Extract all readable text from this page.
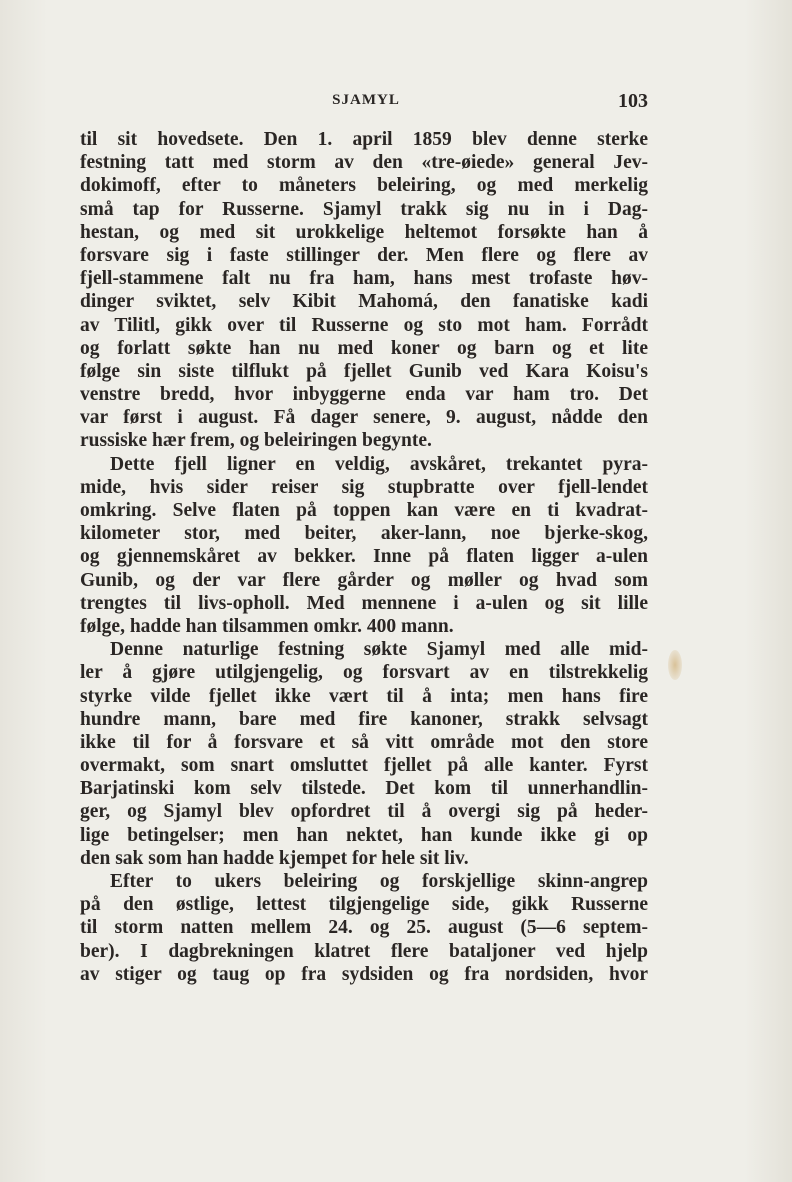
SJAMYL	103
til sit hovedsete. Den 1. april 1859 blev denne sterke
festning tatt med storm av den «tre-øiede» general Jev-
dokimoff, efter to måneters beleiring, og med merkelig
små tap for Russerne. Sjamyl trakk sig nu in i Dag-
hestan, og med sit urokkelige heltemot forsøkte han å
forsvare sig i faste stillinger der. Men flere og flere av
fjell-stammene falt nu fra ham, hans mest trofaste høv-
dinger sviktet, selv Kibit Mahomá, den fanatiske kadi
av Tilitl, gikk over til Russerne og sto mot ham. Forrådt
og forlatt søkte han nu med koner og barn og et lite
følge sin siste tilflukt på fjellet Gunib ved Kara Koisu's
venstre bredd, hvor inbyggerne enda var ham tro. Det
var først i august. Få dager senere, 9. august, nådde den
russiske hær frem, og beleiringen begynte.
Dette fjell ligner en veldig, avskåret, trekantet pyra-
mide, hvis sider reiser sig stupbratte over fjell-lendet
omkring. Selve flaten på toppen kan være en ti kvadrat-
kilometer stor, med beiter, aker-lann, noe bjerke-skog,
og gjennemskåret av bekker. Inne på flaten ligger a-ulen
Gunib, og der var flere gårder og møller og hvad som
trengtes til livs-opholl. Med mennene i a-ulen og sit lille
følge, hadde han tilsammen omkr. 400 mann.
Denne naturlige festning søkte Sjamyl med alle mid-
ler å gjøre utilgjengelig, og forsvart av en tilstrekkelig
styrke vilde fjellet ikke vært til å inta; men hans fire
hundre mann, bare med fire kanoner, strakk selvsagt
ikke til for å forsvare et så vitt område mot den store
overmakt, som snart omsluttet fjellet på alle kanter. Fyrst
Barjatinski kom selv tilstede. Det kom til unnerhandlin-
ger, og Sjamyl blev opfordret til å overgi sig på heder-
lige betingelser; men han nektet, han kunde ikke gi op
den sak som han hadde kjempet for hele sit liv.
Efter to ukers beleiring og forskjellige skinn-angrep
på den østlige, lettest tilgjengelige side, gikk Russerne
til storm natten mellem 24. og 25. august (5—6 septem-
ber). I dagbrekningen klatret flere bataljoner ved hjelp
av stiger og taug op fra sydsiden og fra nordsiden, hvor
